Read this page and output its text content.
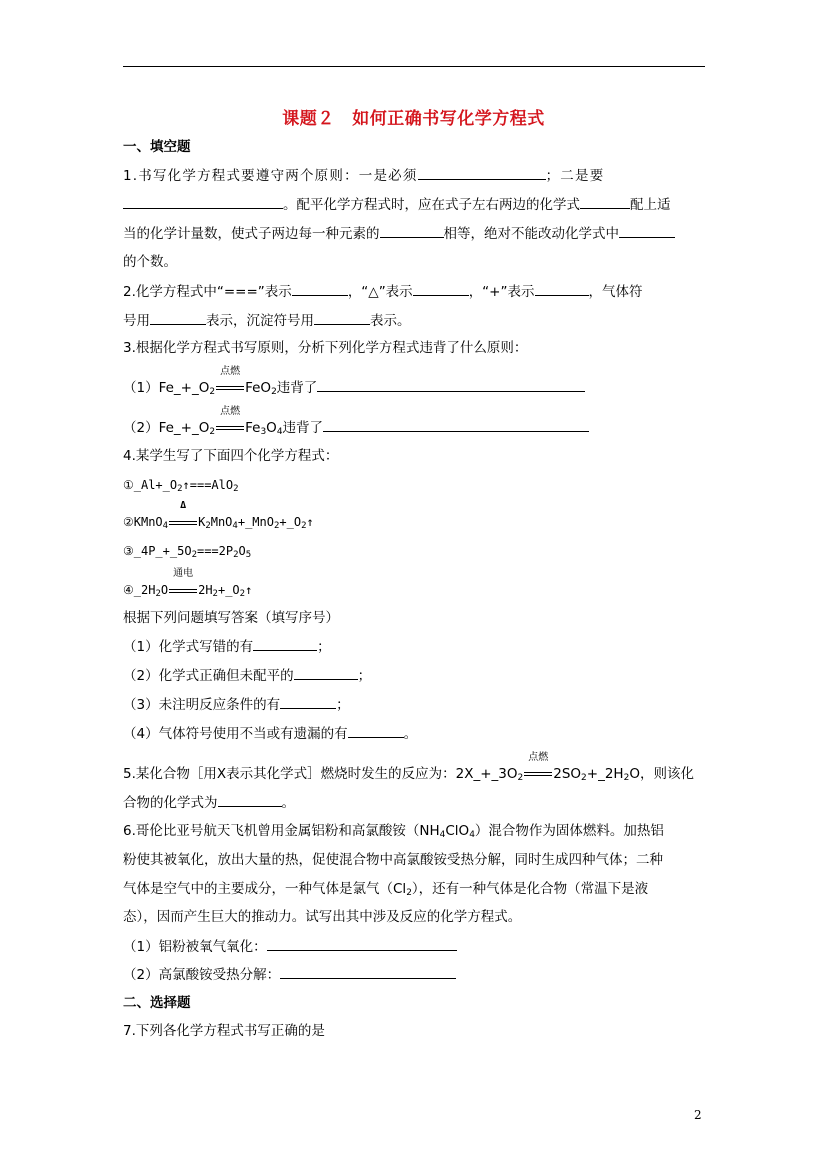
课题２　如何正确书写化学方程式
一、填空题
1.书写化学方程式要遵守两个原则：一是必须	；二是要
。配平化学方程式时，应在式子左右两边的化学式	配上适
当的化学计量数，使式子两边每一种元素的	相等，绝对不能改动化学式中
的个数。
2.化学方程式中“===”表示	，“△”表示	，“+”表示	，气体符
号用	表示，沉淀符号用	表示。
3.根据化学方程式书写原则，分析下列化学方程式违背了什么原则：
$(1)Fe\_+\_O_2$
点燃
FeO$_2$违背了
$(2)Fe\_+\_O_2$
点燃
$Fe_3O_4$违背了
4.某学生写了下面四个化学方程式：
$①\_Al+\_O_2↑===AlO_2$
②KMnO$_4$
Δ
$K_2MnO_4+\_MnO_2+\_O_2↑$
$③\_4P\_+\_5O_2===2P_2O_5$
$④\_2H_2O$
通电
$2H_2+\_O_2↑$
根据下列问题填写答案（填写序号）
（1）化学式写错的有	；
（2）化学式正确但未配平的	；
（3）未注明反应条件的有	；
（4）气体符号使用不当或有遗漏的有	。
5.某化合物［用X表示其化学式］燃烧时发生的反应为：$2X\_+\_3O_2$
点燃
$2SO_2+\_2H_2O$，则该化
合物的化学式为	。
6.哥伦比亚号航天飞机曾用金属铝粉和高氯酸铵$(NH_4ClO_4)$混合物作为固体燃料。加热铝
粉使其被氧化，放出大量的热，促使混合物中高氯酸铵受热分解，同时生成四种气体；二种
气体是空气中的主要成分，一种气体是氯气$(Cl_2)$，还有一种气体是化合物（常温下是液
态），因而产生巨大的推动力。试写出其中涉及反应的化学方程式。
（1）铝粉被氧气氧化：
（2）高氯酸铵受热分解：
二、选择题
7.下列各化学方程式书写正确的是
2
